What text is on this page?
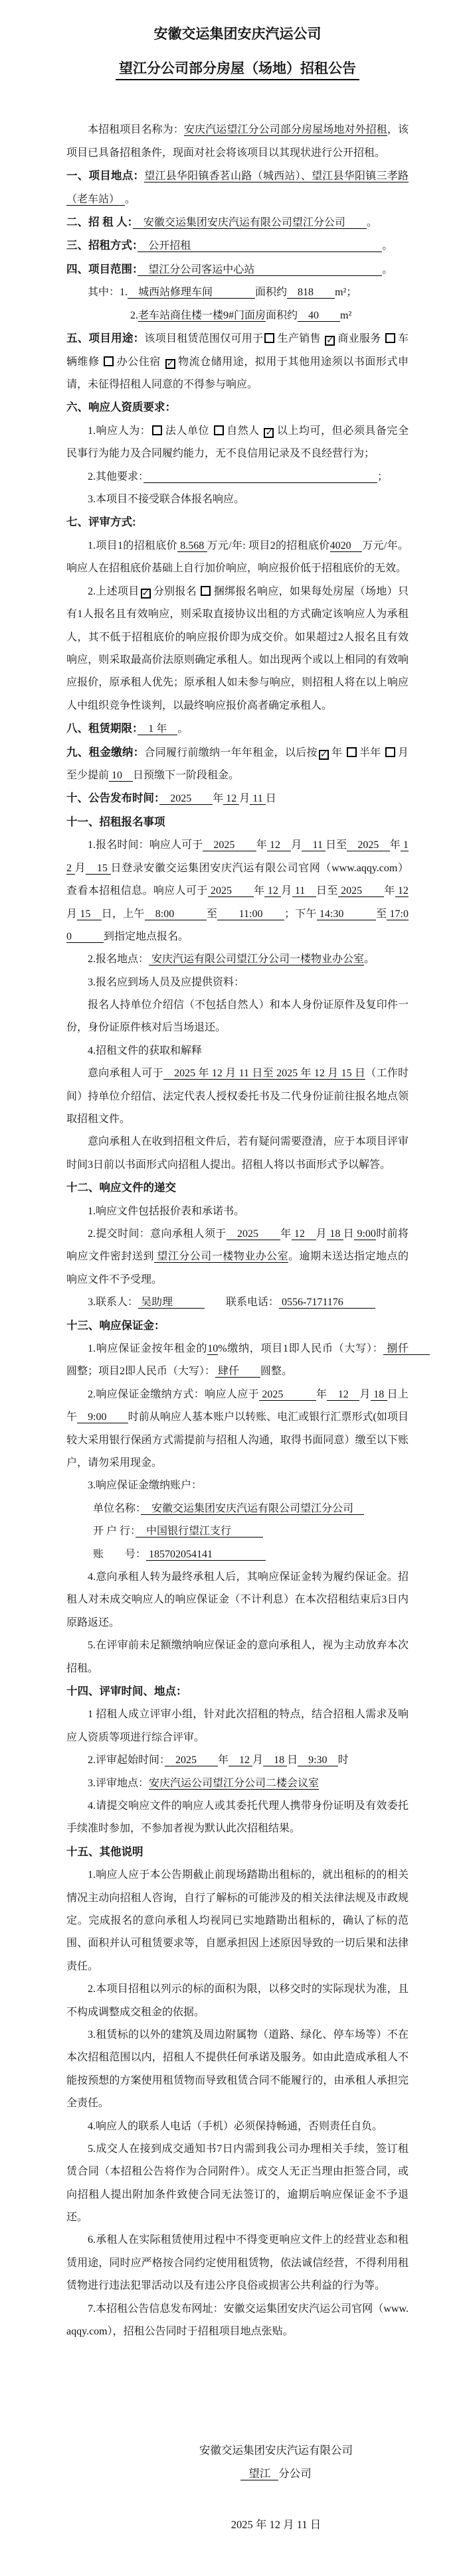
安徽交运集团安庆汽运公司
望江分公司部分房屋（场地）招租公告
本招租项目名称为：安庆汽运望江分公司部分房屋场地对外招租，该项目已具备招租条件，现面对社会将该项目以其现状进行公开招租。
一、项目地点：望江县华阳镇香茗山路（城西站）、望江县华阳镇三孝路（老车站）　。
二、招 租 人：　安徽交运集团安庆汽运有限公司望江分公司　　。
三、招租方式：　公开招租　　　　　　　　　　　　　　　　　　。
四、项目范围：　望江分公司客运中心站　　　　　　　　　　　　。
其中：1.　城西站修理车间　　　　面积约　818　　m²；
2.老车站商住楼一楼9#门面房面积约　40　　m²
五、项目用途：该项目租赁范围仅可用于 生产销售 ✓ 商业服务 车辆维修 办公住宿 ✓ 物流仓储用途，拟用于其他用途须以书面形式申请，未征得招租人同意的不得参与响应。
六、响应人资质要求：
1.响应人为： 法人单位 自然人 ✓ 以上均可，但必须具备完全民事行为能力及合同履约能力，无不良信用记录及不良经营行为；
2.其他要求：　　　　　　　　　　　　　　　　　　　　　　	；
3.本项目不接受联合体报名响应。
七、评审方式:
1.项目1的招租底价 8.568 万元/年: 项目2的招租底价4020　万元/年。响应人在招租底价基础上自行加价响应，响应报价低于招租底价的无效。
2.上述项目 ✓ 分别报名 捆绑报名响应，如果每处房屋（场地）只有1人报名且有效响应，则采取直接协议出租的方式确定该响应人为承租人，其不低于招租底价的响应报价即为成交价。如果超过2人报名且有效响应，则采取最高价法原则确定承租人。如出现两个或以上相同的有效响应报价，原承租人优先；原承租人如未参与响应，则招租人将在以上响应人中组织竞争性谈判，以最终响应报价高者确定承租人。
八、租赁期限：　1 年　。
九、租金缴纳：合同履行前缴纳一年年租金，以后按 ✓ 年 半年 月至少提前 10　日预缴下一阶段租金。
十、公告发布时间：　2025　　年 12 月 11 日
十一、招租报名事项
1.报名时间：响应人可于　2025　　年 12　月　11 日至　2025　年 12 月　15 日登录安徽交运集团安庆汽运有限公司官网（www.aqqy.com）查看本招租信息。响应人可于 2025　　年 12 月 11　日至 2025　　年 12 月 15　日，上午　8:00　　　至　　11:00　　；下午 14:30　　　至 17:00　　　到指定地点报名。
2.报名地点： 安庆汽运有限公司望江分公司一楼物业办公室。
3.报名应到场人员及应提供资料：
报名人持单位介绍信（不包括自然人）和本人身份证原件及复印件一份，身份证原件核对后当场退还。
4.招租文件的获取和解释
意向承租人可于　2025 年 12 月 11 日至 2025 年 12 月 15 日（工作时间）持单位介绍信、法定代表人授权委托书及二代身份证前往报名地点领取招租文件。
意向承租人在收到招租文件后，若有疑问需要澄清，应于本项目评审时间3日前以书面形式向招租人提出。招租人将以书面形式予以解答。
十二、响应文件的递交
1.响应文件包括报价表和承诺书。
2.提交时间：意向承租人须于　2025　　年 12　月 18 日 9:00时前将响应文件密封送到 望江分公司一楼物业办公室。逾期未送达指定地点的响应文件不予受理。
3.联系人： 吴助理　　　　　联系电话： 0556-7171176　　　
十三、响应保证金：
1.响应保证金按年租金的10%缴纳，项目1即人民币（大写）： 捌仟　　圆整；项目2即人民币（大写）： 肆仟　　圆整。
2.响应保证金缴纳方式：响应人应于 2025　　　年　12　月 18 日上午　9:00　　时前从响应人基本账户以转账、电汇或银行汇票形式(如项目较大采用银行保函方式需提前与招租人沟通，取得书面同意）缴至以下账户，请勿采用现金。
3.响应保证金缴纳账户：
单位名称：　安徽交运集团安庆汽运有限公司望江分公司　
开 户 行：　中国银行望江支行　　　
账　　号： 185702054141　　　　　
4.意向承租人转为最终承租人后，其响应保证金转为履约保证金。招租人对未成交响应人的响应保证金（不计利息）在本次招租结束后3日内原路返还。
5.在评审前未足额缴纳响应保证金的意向承租人，视为主动放弃本次招租。
十四、评审时间、地点：
1 招租人成立评审小组，针对此次招租的特点，结合招租人需求及响应人资质等项进行综合评审。
2.评审起始时间：　2025　　年　12 月　18 日　9:30　时
3.评审地点：安庆汽运公司望江分公司二楼会议室
4.请提交响应文件的响应人或其委托代理人携带身份证明及有效委托手续准时参加，不参加者视为默认此次招租结果。
十五、其他说明
1.响应人应于本公告期截止前现场踏勘出租标的，就出租标的的相关情况主动向招租人咨询，自行了解标的可能涉及的相关法律法规及市政规定。完成报名的意向承租人均视同已实地踏勘出租标的，确认了标的范围、面积并认可租赁要求等，自愿承担因上述原因导致的一切后果和法律责任。
2.本项目招租以列示的标的面积为限，以移交时的实际现状为准，且不构成调整成交租金的依据。
3.租赁标的以外的建筑及周边附属物（道路、绿化、停车场等）不在本次招租范围以内，招租人不提供任何承诺及服务。如由此造成承租人不能按预想的方案使用租赁物而导致租赁合同不能履行的，由承租人承担完全责任。
4.响应人的联系人电话（手机）必须保持畅通，否则责任自负。
5.成交人在接到成交通知书7日内需到我公司办理相关手续，签订租赁合同（本招租公告将作为合同附件）。成交人无正当理由拒签合同，或向招租人提出附加条件致使合同无法签订的，逾期后响应保证金不予退还。
6.承租人在实际租赁使用过程中不得变更响应文件上的经营业态和租赁用途，同时应严格按合同约定使用租赁物，依法诚信经营，不得利用租赁物进行违法犯罪活动以及有违公序良俗或损害公共利益的行为等。
7.本招租公告信息发布网址：安徽交运集团安庆汽运公司官网（www.aqqy.com），招租公告同时于招租项目地点张贴。
安徽交运集团安庆汽运有限公司
望江 分公司
2025 年 12 月 11 日
